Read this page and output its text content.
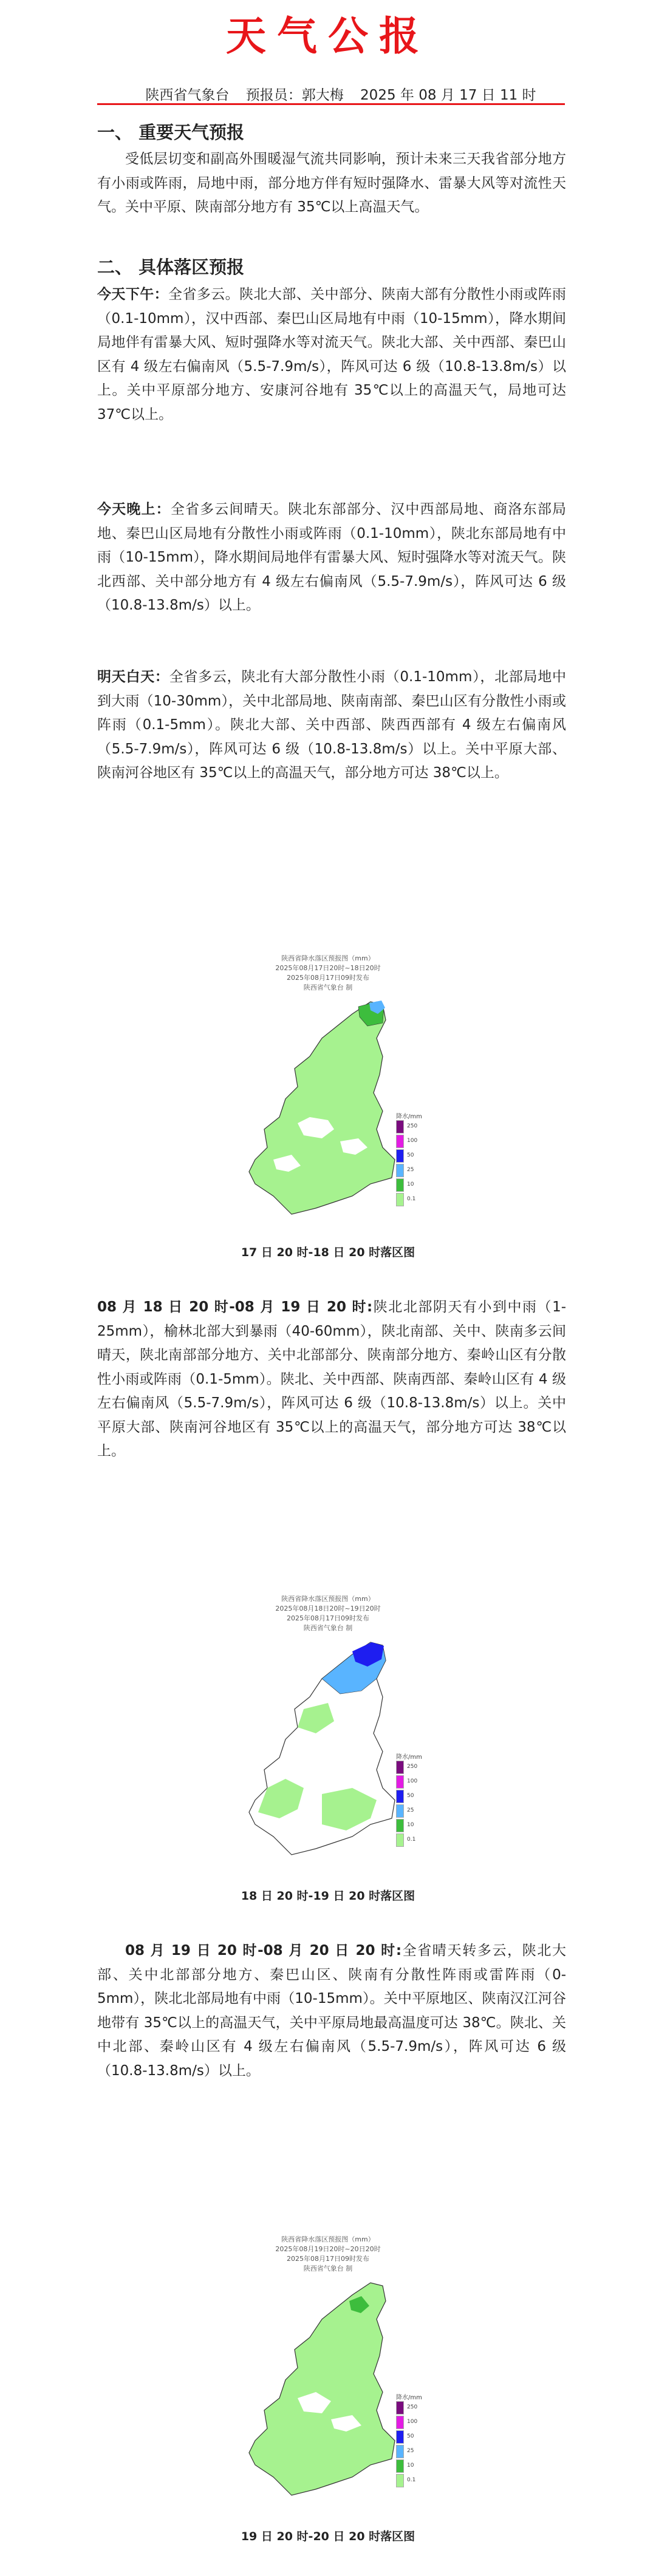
天气公报
陕西省气象台 预报员：郭大梅 2025 年 08 月 17 日 11 时
一、 重要天气预报
受低层切变和副高外围暖湿气流共同影响，预计未来三天我省部分地方有小雨或阵雨，局地中雨，部分地方伴有短时强降水、雷暴大风等对流性天气。关中平原、陕南部分地方有 35℃以上高温天气。
二、 具体落区预报
今天下午：全省多云。陕北大部、关中部分、陕南大部有分散性小雨或阵雨（0.1-10mm），汉中西部、秦巴山区局地有中雨（10-15mm），降水期间局地伴有雷暴大风、短时强降水等对流天气。陕北大部、关中西部、秦巴山区有 4 级左右偏南风（5.5-7.9m/s），阵风可达 6 级（10.8-13.8m/s）以上。关中平原部分地方、安康河谷地有 35℃以上的高温天气，局地可达 37℃以上。
今天晚上：全省多云间晴天。陕北东部部分、汉中西部局地、商洛东部局地、秦巴山区局地有分散性小雨或阵雨（0.1-10mm），陕北东部局地有中雨（10-15mm），降水期间局地伴有雷暴大风、短时强降水等对流天气。陕北西部、关中部分地方有 4 级左右偏南风（5.5-7.9m/s），阵风可达 6 级（10.8-13.8m/s）以上。
明天白天：全省多云，陕北有大部分散性小雨（0.1-10mm），北部局地中到大雨（10-30mm），关中北部局地、陕南南部、秦巴山区有分散性小雨或阵雨（0.1-5mm）。陕北大部、关中西部、陕西西部有 4 级左右偏南风（5.5-7.9m/s），阵风可达 6 级（10.8-13.8m/s）以上。关中平原大部、陕南河谷地区有 35℃以上的高温天气，部分地方可达 38℃以上。
陕西省降水落区预报图（mm）
2025年08月17日20时~18日20时
2025年08月17日09时发布
陕西省气象台 制
降水/mm
250
100
50
25
10
0.1
17 日 20 时-18 日 20 时落区图
08 月 18 日 20 时-08 月 19 日 20 时:陕北北部阴天有小到中雨（1-25mm），榆林北部大到暴雨（40-60mm），陕北南部、关中、陕南多云间晴天，陕北南部部分地方、关中北部部分、陕南部分地方、秦岭山区有分散性小雨或阵雨（0.1-5mm）。陕北、关中西部、陕南西部、秦岭山区有 4 级左右偏南风（5.5-7.9m/s），阵风可达 6 级（10.8-13.8m/s）以上。关中平原大部、陕南河谷地区有 35℃以上的高温天气，部分地方可达 38℃以上。
陕西省降水落区预报图（mm）
2025年08月18日20时~19日20时
2025年08月17日09时发布
陕西省气象台 制
降水/mm
250
100
50
25
10
0.1
18 日 20 时-19 日 20 时落区图
08 月 19 日 20 时-08 月 20 日 20 时:全省晴天转多云，陕北大部、关中北部部分地方、秦巴山区、陕南有分散性阵雨或雷阵雨（0-5mm），陕北北部局地有中雨（10-15mm）。关中平原地区、陕南汉江河谷地带有 35℃以上的高温天气，关中平原局地最高温度可达 38℃。陕北、关中北部、秦岭山区有 4 级左右偏南风（5.5-7.9m/s），阵风可达 6 级（10.8-13.8m/s）以上。
陕西省降水落区预报图（mm）
2025年08月19日20时~20日20时
2025年08月17日09时发布
陕西省气象台 制
降水/mm
250
100
50
25
10
0.1
19 日 20 时-20 日 20 时落区图
